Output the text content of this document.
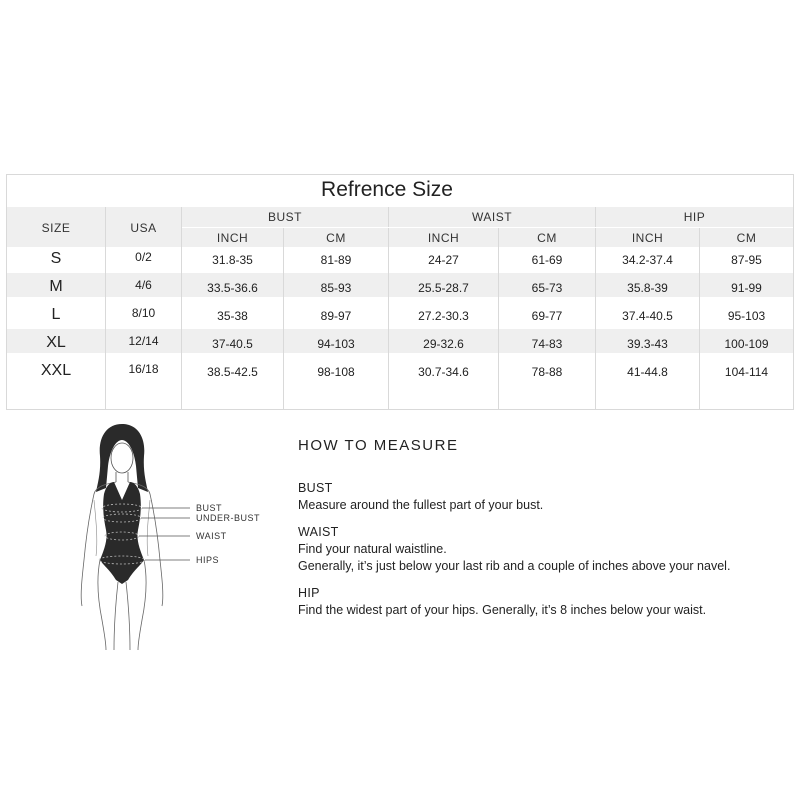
Refrence Size
SIZE	USA
BUST	WAIST	HIP
INCH	CM	INCH	CM	INCH	CM
S	0/2	31.8-35	81-89	24-27	61-69	34.2-37.4	87-95
M	4/6	33.5-36.6	85-93	25.5-28.7	65-73	35.8-39	91-99
L	8/10	35-38	89-97	27.2-30.3	69-77	37.4-40.5	95-103
XL	12/14	37-40.5	94-103	29-32.6	74-83	39.3-43	100-109
XXL	16/18	38.5-42.5	98-108	30.7-34.6	78-88	41-44.8	104-114
BUST
UNDER-BUST
WAIST
HIPS
HOW TO MEASURE
BUST
Measure around the fullest part of your bust.
WAIST
Find your natural waistline.
Generally, it’s just below your last rib and a couple of inches above your navel.
HIP
Find the widest part of your hips. Generally, it’s 8 inches below your waist.
